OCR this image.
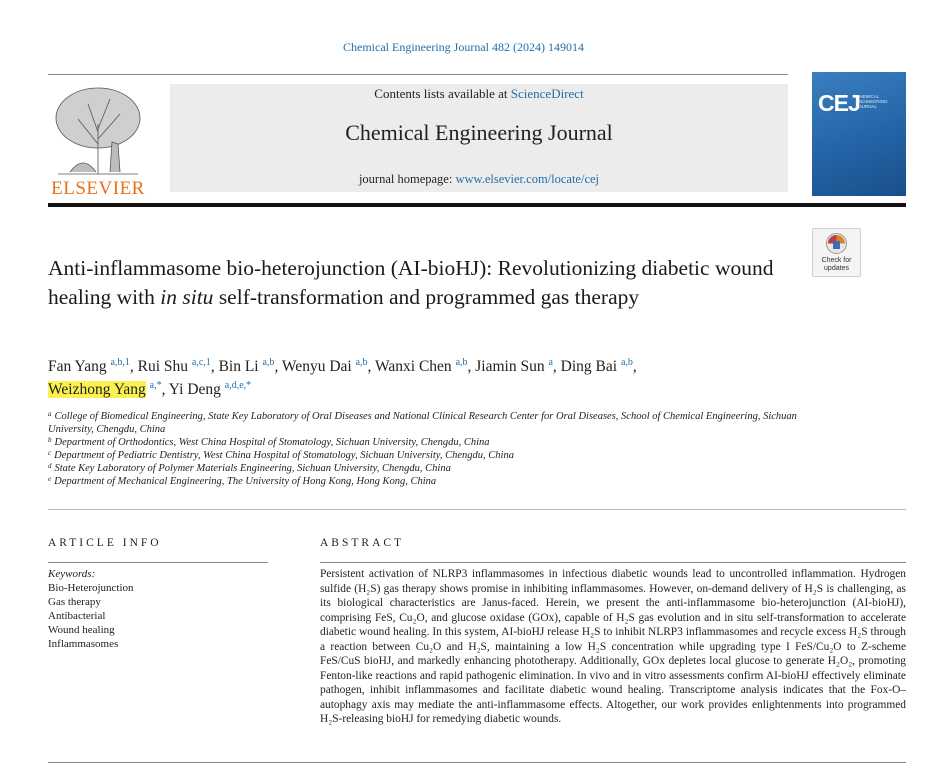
Chemical Engineering Journal 482 (2024) 149014
ELSEVIER
Contents lists available at ScienceDirect
Chemical Engineering Journal
journal homepage: www.elsevier.com/locate/cej
CEJ
CHEMICAL ENGINEERING JOURNAL
Check for updates
Anti-inflammasome bio-heterojunction (AI-bioHJ): Revolutionizing diabetic wound healing with in situ self-transformation and programmed gas therapy
Fan Yang $^{a,b,1}$, Rui Shu $^{a,c,1}$, Bin Li $^{a,b}$, Wenyu Dai $^{a,b}$, Wanxi Chen $^{a,b}$, Jiamin Sun $^a$, Ding Bai $^{a,b}$,
Weizhong Yang $^{a,*}$, Yi Deng $^{a,d,e,*}$
$^a$ College of Biomedical Engineering, State Key Laboratory of Oral Diseases and National Clinical Research Center for Oral Diseases, School of Chemical Engineering, Sichuan University, Chengdu, China
$^b$ Department of Orthodontics, West China Hospital of Stomatology, Sichuan University, Chengdu, China
$^c$ Department of Pediatric Dentistry, West China Hospital of Stomatology, Sichuan University, Chengdu, China
$^d$ State Key Laboratory of Polymer Materials Engineering, Sichuan University, Chengdu, China
$^e$ Department of Mechanical Engineering, The University of Hong Kong, Hong Kong, China
ARTICLE INFO
Keywords:
Bio-Heterojunction
Gas therapy
Antibacterial
Wound healing
Inflammasomes
ABSTRACT
Persistent activation of NLRP3 inflammasomes in infectious diabetic wounds lead to uncontrolled inflammation. Hydrogen sulfide (H₂S) gas therapy shows promise in inhibiting inflammasomes. However, on-demand delivery of H₂S is challenging, as its biological characteristics are Janus-faced. Herein, we present the anti-inflammasome bio-heterojunction (AI-bioHJ), comprising FeS, Cu₂O, and glucose oxidase (GOx), capable of H₂S gas evolution and in situ self-transformation to accelerate diabetic wound healing. In this system, AI-bioHJ release H₂S to inhibit NLRP3 inflammasomes and recycle excess H₂S through a reaction between Cu₂O and H₂S, maintaining a low H₂S concentration while upgrading type I FeS/Cu₂O to Z-scheme FeS/CuS bioHJ, and markedly enhancing phototherapy. Additionally, GOx depletes local glucose to generate H₂O₂, promoting Fenton-like reactions and rapid pathogenic elimination. In vivo and in vitro assessments confirm AI-bioHJ effectively eliminate pathogen, inhibit inflammasomes and facilitate diabetic wound healing. Transcriptome analysis indicates that the Fox-O–autophagy axis may mediate the anti-inflammasome effects. Altogether, our work provides enlightenments into programmed H₂S-releasing bioHJ for remedying diabetic wounds.
